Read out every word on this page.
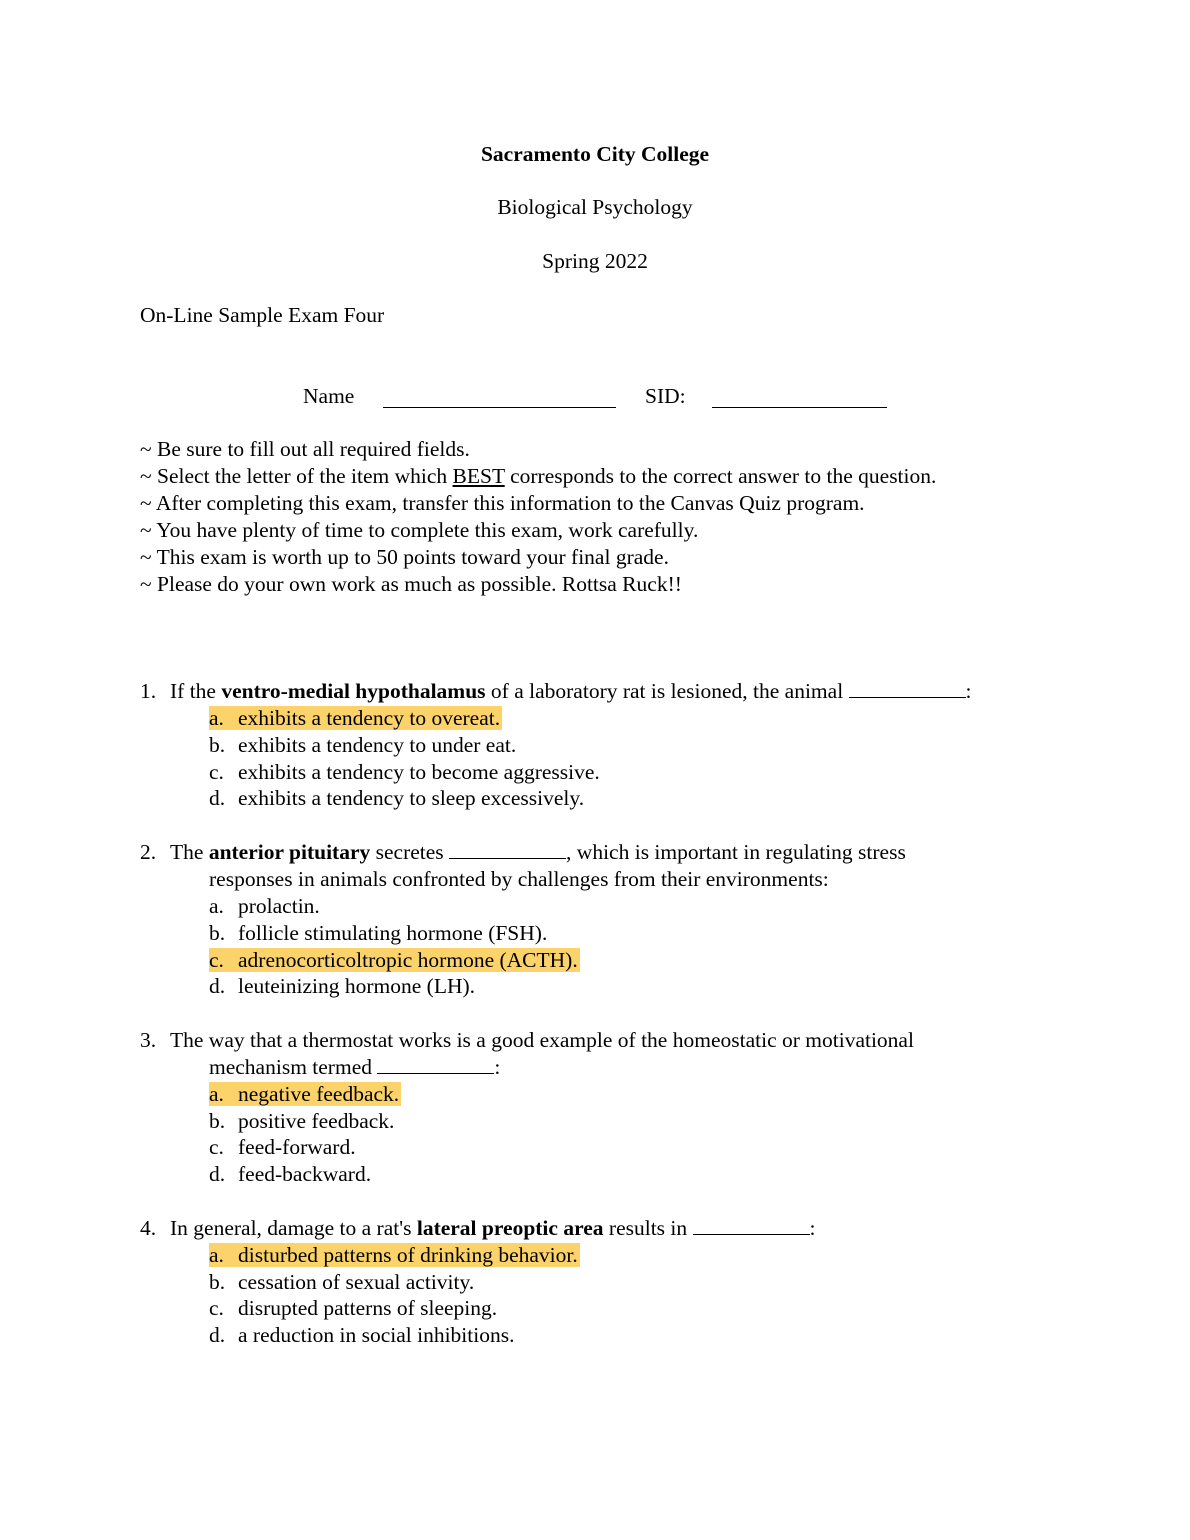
Sacramento City College
Biological Psychology
Spring 2022
On-Line Sample Exam Four
Name	SID:
~ Be sure to fill out all required fields.
~ Select the letter of the item which BEST corresponds to the correct answer to the question.
~ After completing this exam, transfer this information to the Canvas Quiz program.
~ You have plenty of time to complete this exam, work carefully.
~ This exam is worth up to 50 points toward your final grade.
~ Please do your own work as much as possible. Rottsa Ruck!!
1. If the ventro-medial hypothalamus of a laboratory rat is lesioned, the animal	:
a. exhibits a tendency to overeat.
b. exhibits a tendency to under eat.
c. exhibits a tendency to become aggressive.
d. exhibits a tendency to sleep excessively.
2. The anterior pituitary secretes	, which is important in regulating stress
responses in animals confronted by challenges from their environments:
a. prolactin.
b. follicle stimulating hormone (FSH).
c. adrenocorticoltropic hormone (ACTH).
d. leuteinizing hormone (LH).
3. The way that a thermostat works is a good example of the homeostatic or motivational
mechanism termed	:
a. negative feedback.
b. positive feedback.
c. feed-forward.
d. feed-backward.
4. In general, damage to a rat's lateral preoptic area results in	:
a. disturbed patterns of drinking behavior.
b. cessation of sexual activity.
c. disrupted patterns of sleeping.
d. a reduction in social inhibitions.
